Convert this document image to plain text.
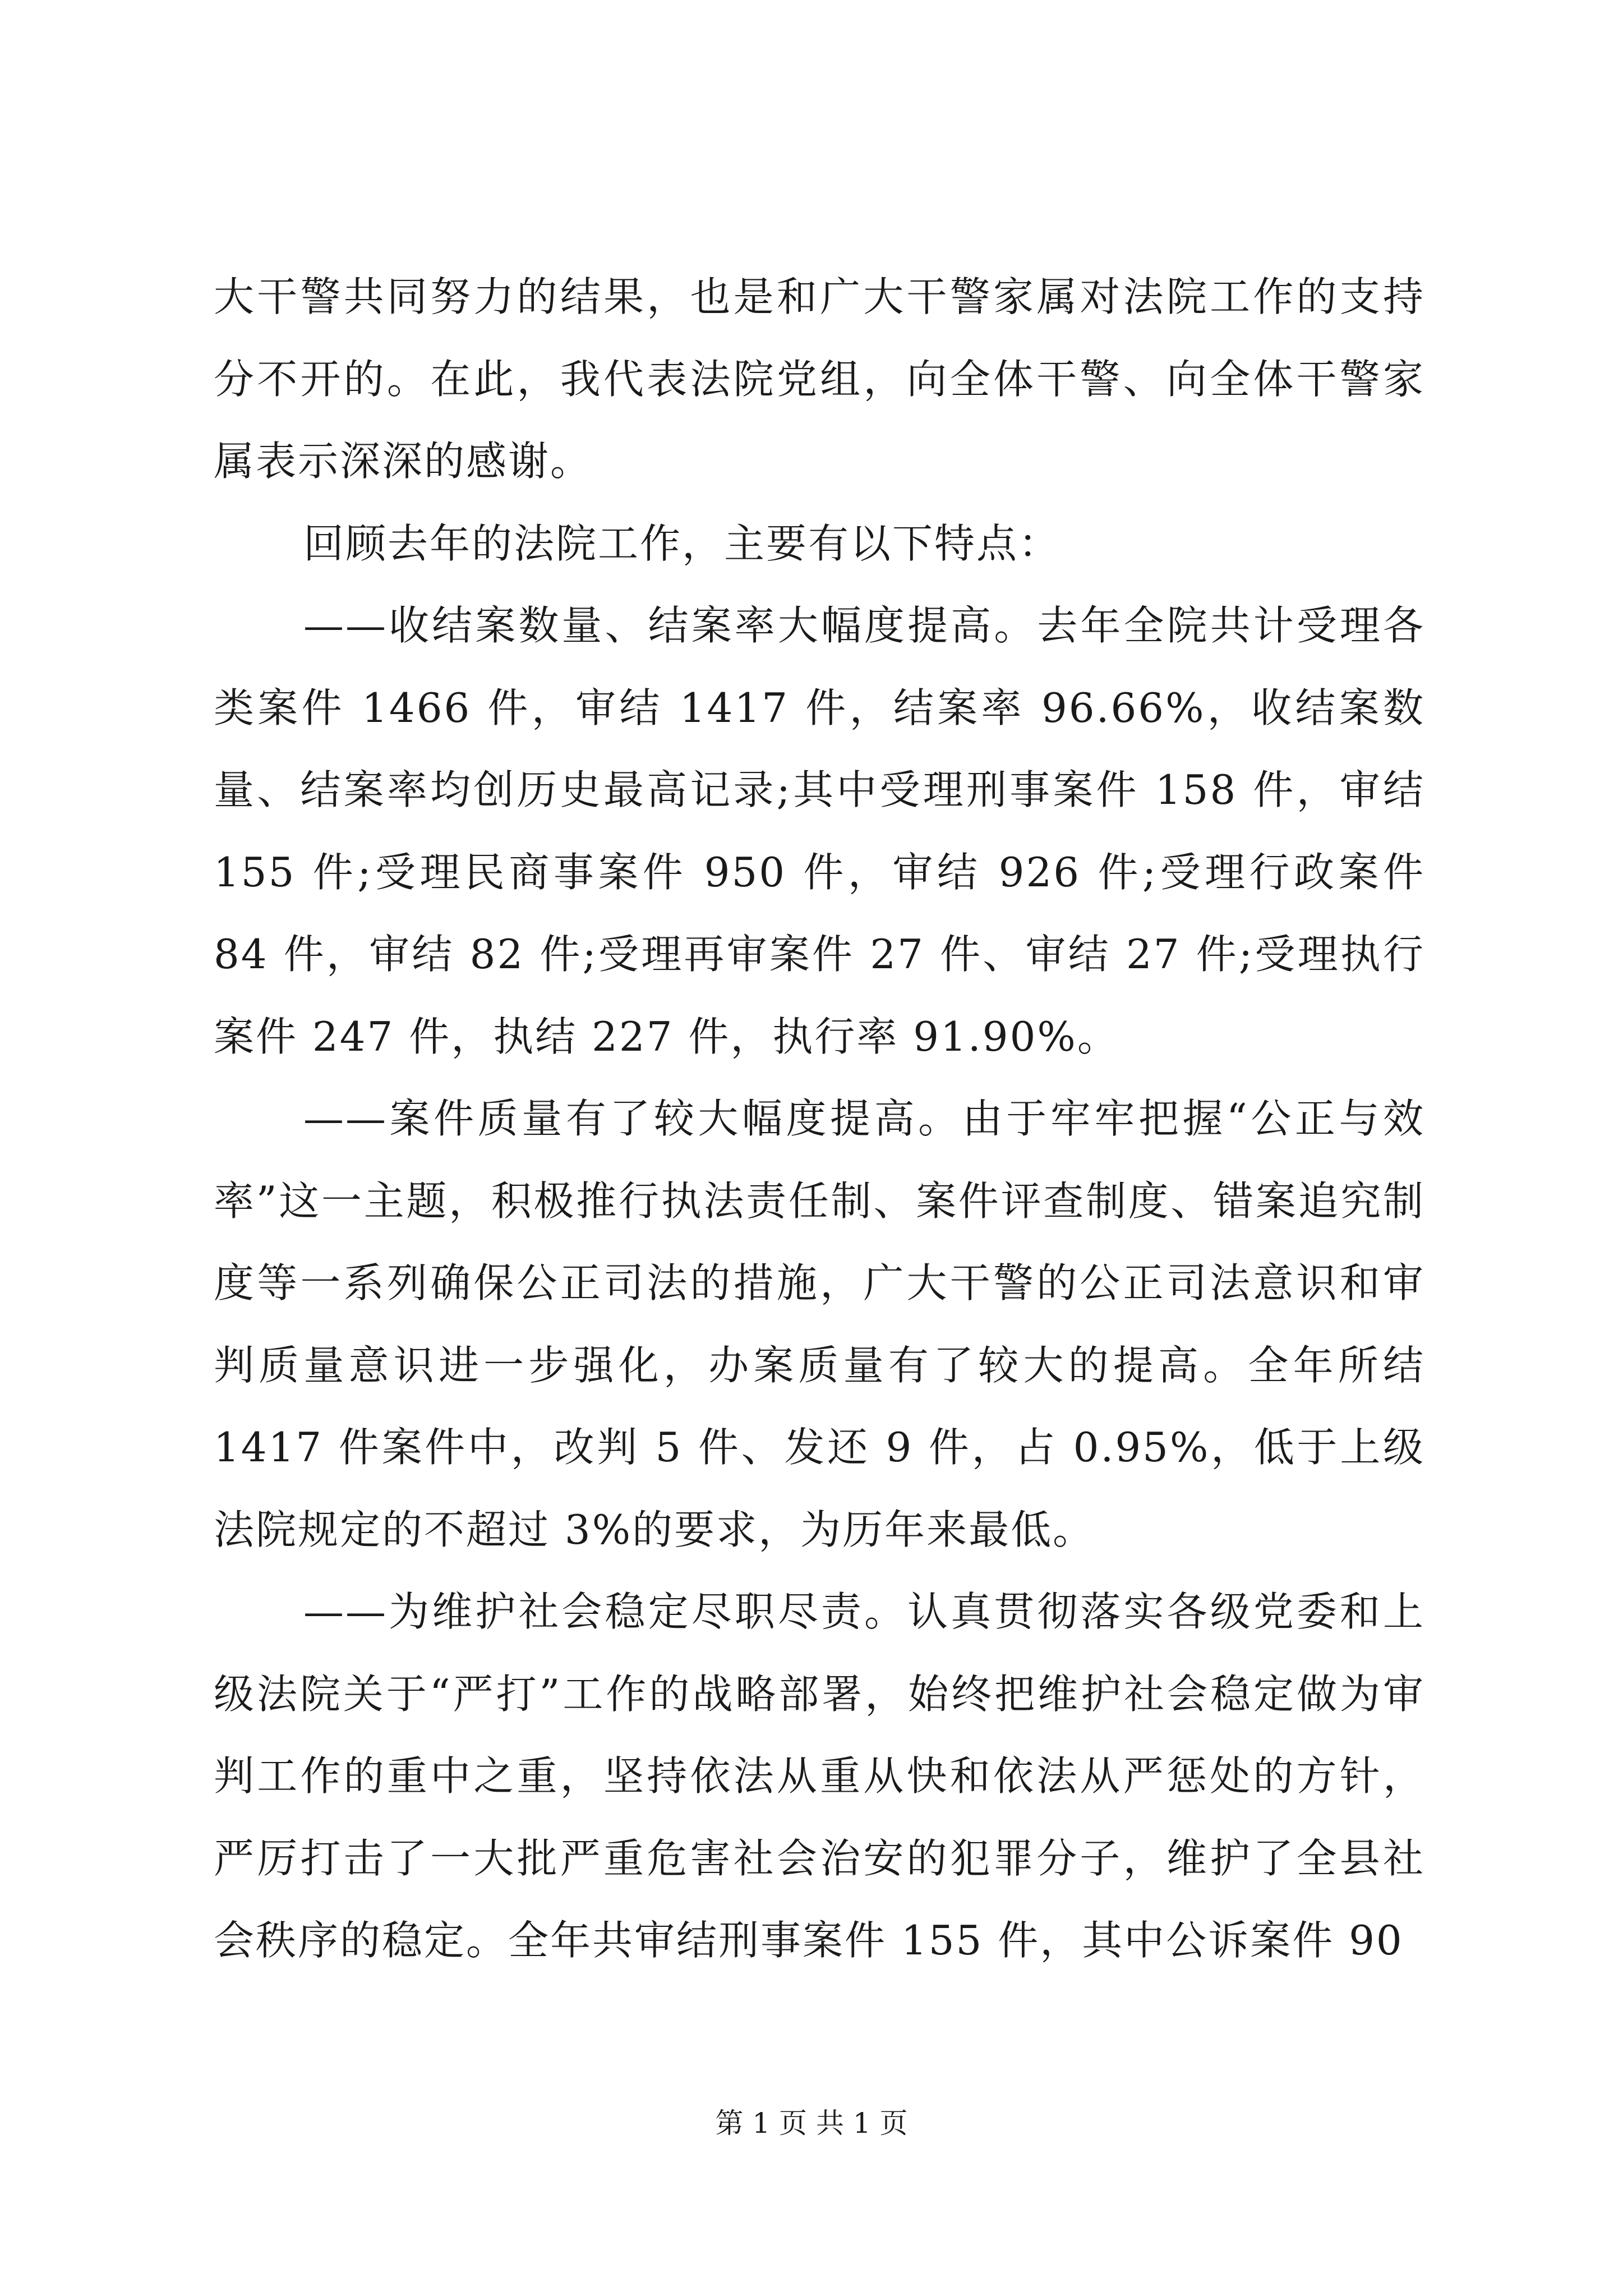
大干警共同努力的结果，也是和广大干警家属对法院工作的支持分不开的。在此，我代表法院党组，向全体干警、向全体干警家属表示深深的感谢。

回顾去年的法院工作，主要有以下特点：

——收结案数量、结案率大幅度提高。去年全院共计受理各类案件 1466 件，审结 1417 件，结案率 96.66%，收结案数量、结案率均创历史最高记录;其中受理刑事案件 158 件，审结 155 件;受理民商事案件 950 件，审结 926 件;受理行政案件 84 件，审结 82 件;受理再审案件 27 件、审结 27 件;受理执行案件 247 件，执结 227 件，执行率 91.90%。

——案件质量有了较大幅度提高。由于牢牢把握“公正与效率”这一主题，积极推行执法责任制、案件评查制度、错案追究制度等一系列确保公正司法的措施，广大干警的公正司法意识和审判质量意识进一步强化，办案质量有了较大的提高。全年所结 1417 件案件中，改判 5 件、发还 9 件，占 0.95%，低于上级法院规定的不超过 3%的要求，为历年来最低。

——为维护社会稳定尽职尽责。认真贯彻落实各级党委和上级法院关于“严打”工作的战略部署，始终把维护社会稳定做为审判工作的重中之重，坚持依法从重从快和依法从严惩处的方针，严厉打击了一大批严重危害社会治安的犯罪分子，维护了全县社会秩序的稳定。全年共审结刑事案件 155 件，其中公诉案件 90

第 1 页 共 1 页
